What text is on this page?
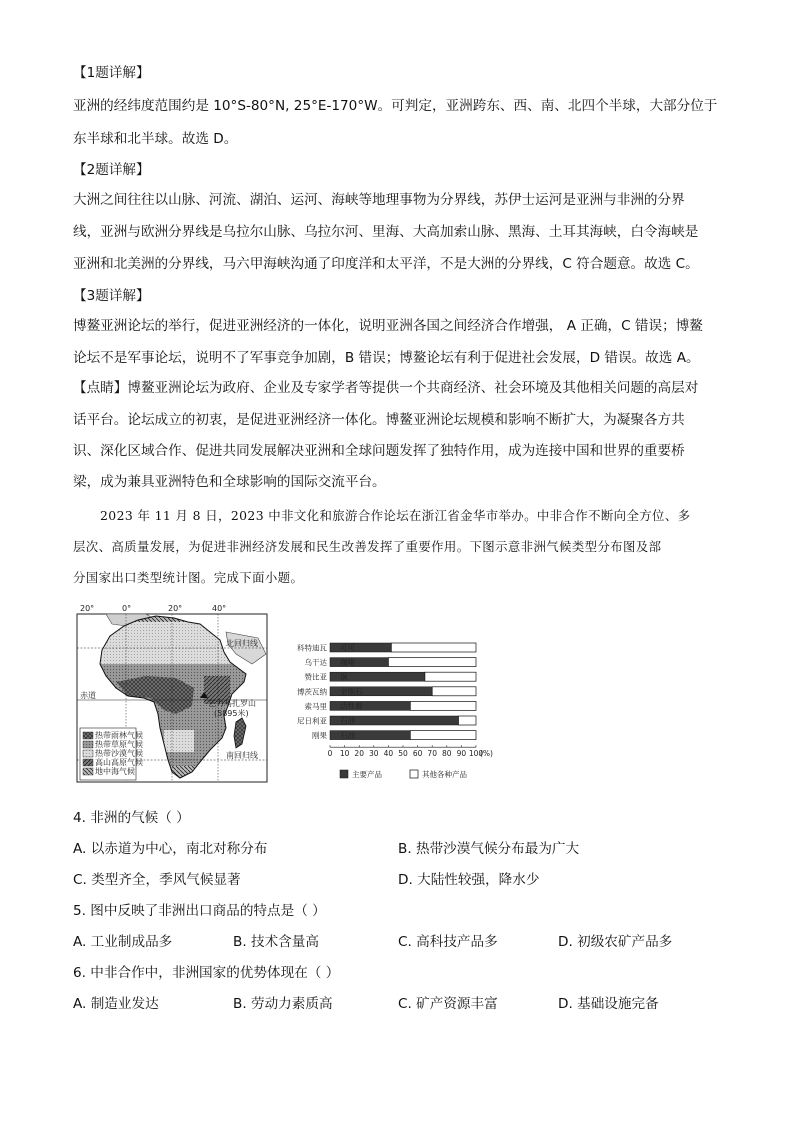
【1题详解】
亚洲的经纬度范围约是 10°S-80°N, 25°E-170°W。可判定，亚洲跨东、西、南、北四个半球，大部分位于
东半球和北半球。故选 D。
【2题详解】
大洲之间往往以山脉、河流、湖泊、运河、海峡等地理事物为分界线，苏伊士运河是亚洲与非洲的分界
线，亚洲与欧洲分界线是乌拉尔山脉、乌拉尔河、里海、大高加索山脉、黑海、土耳其海峡，白令海峡是
亚洲和北美洲的分界线，马六甲海峡沟通了印度洋和太平洋，不是大洲的分界线，C 符合题意。故选 C。
【3题详解】
博鳌亚洲论坛的举行，促进亚洲经济的一体化，说明亚洲各国之间经济合作增强， A 正确，C 错误；博鳌
论坛不是军事论坛，说明不了军事竞争加剧，B 错误；博鳌论坛有利于促进社会发展，D 错误。故选 A。
【点睛】博鳌亚洲论坛为政府、企业及专家学者等提供一个共商经济、社会环境及其他相关问题的高层对
话平台。论坛成立的初衷，是促进亚洲经济一体化。博鳌亚洲论坛规模和影响不断扩大，为凝聚各方共
识、深化区域合作、促进共同发展解决亚洲和全球问题发挥了独特作用，成为连接中国和世界的重要桥
梁，成为兼具亚洲特色和全球影响的国际交流平台。
2023 年 11 月 8 日，2023 中非文化和旅游合作论坛在浙江省金华市举办。中非合作不断向全方位、多
层次、高质量发展，为促进非洲经济发展和民生改善发挥了重要作用。下图示意非洲气候类型分布图及部
分国家出口类型统计图。完成下面小题。
20°	0°	20°	40°
北回归线
赤道
乞力马扎罗山
(5895米)
南回归线
热带雨林气候
热带草原气候
热带沙漠气候
高山高原气候
地中海气候
科特迪瓦 可可
乌干达 咖啡
赞比亚 铜
博茨瓦纳 金刚石
索马里 活牲畜
尼日利亚 石油
刚果 石油
0 10 20 30 40 50 60 70 80 90 100
(%)
主要产品	其他各种产品
4. 非洲的气候（ ）
A. 以赤道为中心，南北对称分布	B. 热带沙漠气候分布最为广大
C. 类型齐全，季风气候显著	D. 大陆性较强，降水少
5. 图中反映了非洲出口商品的特点是（ ）
A. 工业制成品多	B. 技术含量高	C. 高科技产品多	D. 初级农矿产品多
6. 中非合作中，非洲国家的优势体现在（ ）
A. 制造业发达	B. 劳动力素质高	C. 矿产资源丰富	D. 基础设施完备
